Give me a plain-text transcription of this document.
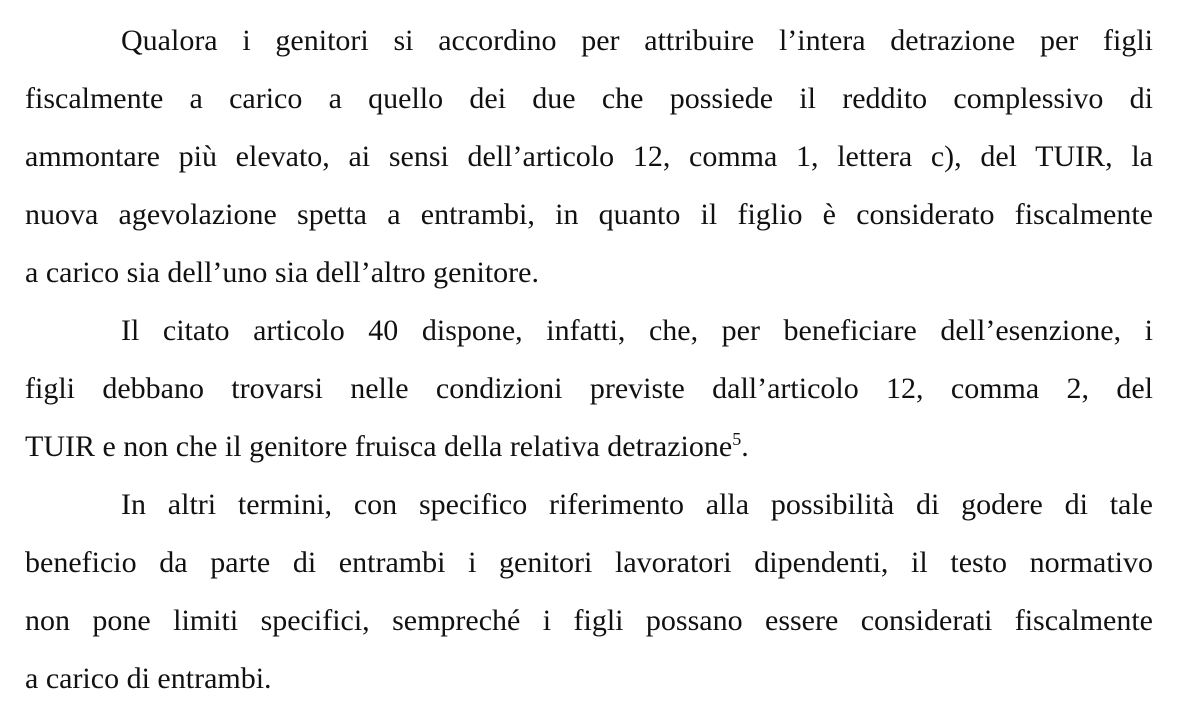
Qualora i genitori si accordino per attribuire l’intera detrazione per figli
fiscalmente a carico a quello dei due che possiede il reddito complessivo di
ammontare più elevato, ai sensi dell’articolo 12, comma 1, lettera c), del TUIR, la
nuova agevolazione spetta a entrambi, in quanto il figlio è considerato fiscalmente
a carico sia dell’uno sia dell’altro genitore.
Il citato articolo 40 dispone, infatti, che, per beneficiare dell’esenzione, i
figli debbano trovarsi nelle condizioni previste dall’articolo 12, comma 2, del
TUIR e non che il genitore fruisca della relativa detrazione$^5$.
In altri termini, con specifico riferimento alla possibilità di godere di tale
beneficio da parte di entrambi i genitori lavoratori dipendenti, il testo normativo
non pone limiti specifici, sempreché i figli possano essere considerati fiscalmente
a carico di entrambi.
